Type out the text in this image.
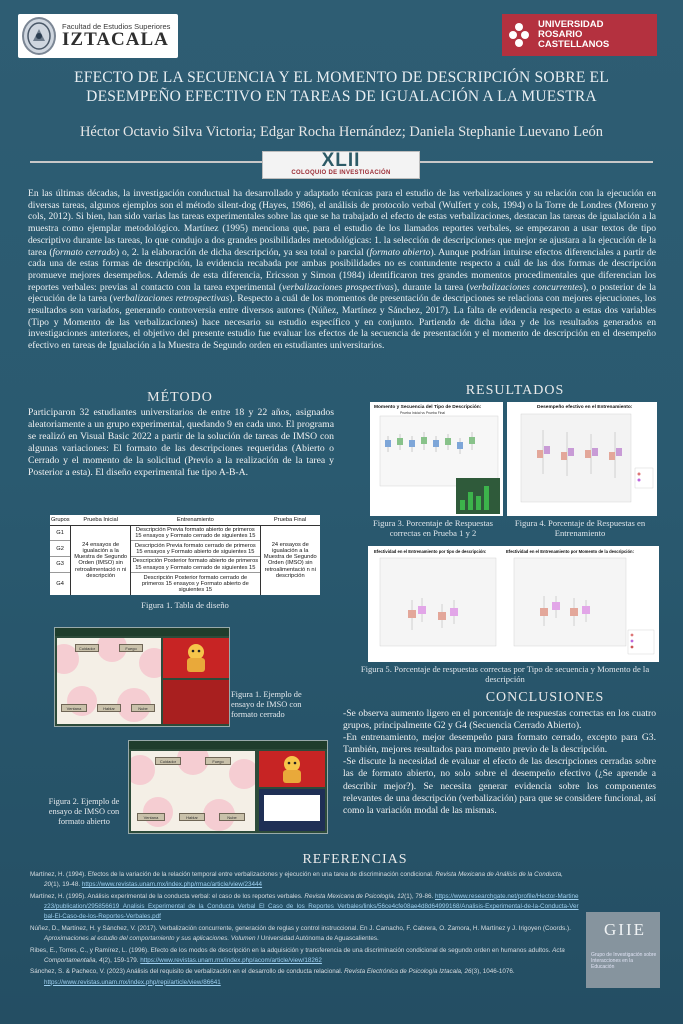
Facultad de Estudios Superiores
IZTACALA
UNIVERSIDAD
ROSARIO CASTELLANOS
EFECTO DE LA SECUENCIA Y EL MOMENTO DE DESCRIPCIÓN SOBRE EL DESEMPEÑO EFECTIVO EN TAREAS DE IGUALACIÓN A LA MUESTRA
Héctor Octavio Silva Victoria; Edgar Rocha Hernández; Daniela Stephanie Luevano León
XLII
COLOQUIO DE INVESTIGACIÓN
En las últimas décadas, la investigación conductual ha desarrollado y adaptado técnicas para el estudio de las verbalizaciones y su relación con la ejecución en diversas tareas, algunos ejemplos son el método silent-dog (Hayes, 1986), el análisis de protocolo verbal (Wulfert y cols, 1994) o la Torre de Londres (Moreno y cols, 2012). Si bien, han sido varias las tareas experimentales sobre las que se ha trabajado el efecto de estas verbalizaciones, destacan las tareas de igualación a la muestra como ejemplar metodológico. Martínez (1995) menciona que, para el estudio de los llamados reportes verbales, se empezaron a usar textos de tipo descriptivo durante las tareas, lo que condujo a dos grandes posibilidades metodológicas: 1. la selección de descripciones que mejor se ajustara a la ejecución de la tarea (formato cerrado) o, 2. la elaboración de dicha descripción, ya sea total o parcial (formato abierto). Aunque podrían intuirse efectos diferenciales a partir de cada una de estas formas de descripción, la evidencia recabada por ambas posibilidades no es contundente respecto a cuál de las dos formas de descripción promueve mejores desempeños. Además de esta diferencia, Ericsson y Simon (1984) identificaron tres grandes momentos procedimentales que diferencian los reportes verbales: previas al contacto con la tarea experimental (verbalizaciones prospectivas), durante la tarea (verbalizaciones concurrentes), o posterior de la ejecución de la tarea (verbalizaciones retrospectivas). Respecto a cuál de los momentos de presentación de descripciones se relaciona con mejores ejecuciones, los resultados son variados, generando controversia entre diversos autores (Núñez, Martínez y Sánchez, 2017). La falta de evidencia respecto a estas dos variables (Tipo y Momento de las verbalizaciones) hace necesario su estudio específico y en conjunto. Partiendo de dicha idea y de los resultados generados en investigaciones anteriores, el objetivo del presente estudio fue evaluar los efectos de la secuencia de presentación y el momento de descripción en el desempeño efectivo en tareas de Igualación a la Muestra de Segundo orden en estudiantes universitarios.
MÉTODO
Participaron 32 estudiantes universitarios de entre 18 y 22 años, asignados aleatoriamente a un grupo experimental, quedando 9 en cada uno. El programa se realizó en Visual Basic 2022 a partir de la solución de tareas de IMSO con algunas variaciones: El formato de las descripciones requeridas (Abierto o Cerrado y el momento de la solicitud (Previo a la realización de la tarea y Posterior a esta). El diseño experimental fue tipo A-B-A.
Grupos	Prueba Inicial	Entrenamiento	Prueba Final
G1	24 ensayos de igualación a la Muestra de Segundo Orden (IMSO) sin retroalimentació n ni descripción	Descripción Previa formato abierto de primeros 15 ensayos y Formato cerrado de siguientes 15	24 ensayos de igualación a la Muestra de Segundo Orden (IMSO) sin retroalimentació n ni descripción
G2		Descripción Previa formato cerrado de primeros 15 ensayos y Formato abierto de siguientes 15	
G3		Descripción Posterior formato abierto de primeros 15 ensayos y Formato cerrado de siguientes 15	
G4		Descripción Posterior formato cerrado de primeros 15 ensayos y Formato abierto de siguientes 15	
Figura 1. Tabla de diseño
Cuidador	Fuego
Ventana	Hablar	Nube
Figura 1. Ejemplo de ensayo de IMSO con formato cerrado
Cuidador	Fuego
Ventana	Hablar	Nube
Figura 2. Ejemplo de ensayo de IMSO con formato abierto
RESULTADOS
Momento y Secuencia del Tipo de Descripción:
Prueba Inicial vs Prueba Final
Figura 3. Porcentaje de Respuestas correctas en Prueba 1 y 2
Desempeño efectivo en el Entrenamiento:
Figura 4. Porcentaje de Respuestas en Entrenamiento
Efectividad en el Entrenamiento por tipo de descripción:	Efectividad en el Entrenamiento por Momento de la descripción:
Figura 5. Porcentaje de respuestas correctas por Tipo de secuencia y Momento de la descripción
CONCLUSIONES

-Se observa aumento ligero en el porcentaje de respuestas correctas en los cuatro grupos, principalmente G2 y G4 (Secuencia Cerrado Abierto).

-En entrenamiento, mejor desempeño para formato cerrado, excepto para G3. También, mejores resultados para momento previo de la descripción.

-Se discute la necesidad de evaluar el efecto de las descripciones cerradas sobre las de formato abierto, no solo sobre el desempeño efectivo (¿Se aprende a describir mejor?). Se necesita generar evidencia sobre los componentes relevantes de una descripción (verbalización) para que se considere funcional, así como la variación modal de las mismas.

REFERENCIAS

Martínez, H. (1994). Efectos de la variación de la relación temporal entre verbalizaciones y ejecución en una tarea de discriminación condicional. Revista Mexicana de Análisis de la Conducta, 20(1), 19-48. https://www.revistas.unam.mx/index.php/rmac/article/view/23444

Martínez, H. (1995). Análisis experimental de la conducta verbal: el caso de los reportes verbales. Revista Mexicana de Psicología, 12(1), 79-86. https://www.researchgate.net/profile/Hector-Martinez23/publication/295856619_Analisis_Experimental_de_la_Conducta_Verbal_El_Caso_de_los_Reportes_Verbales/links/56ce4cfe08ae4d8d64999168/Analisis-Experimental-de-la-Conducta-Verbal-El-Caso-de-los-Reportes-Verbales.pdf

Núñez, D., Martínez, H. y Sánchez, V. (2017). Verbalización concurrente, generación de reglas y control instruccional. En J. Camacho, F. Cabrera, O. Zamora, H. Martínez y J. Irigoyen (Coords.). Aproximaciones al estudio del comportamiento y sus aplicaciones. Volumen I Universidad Autónoma de Aguascalientes.

Ribes, E., Torres, C., y Ramírez, L. (1996). Efecto de los modos de descripción en la adquisición y transferencia de una discriminación condicional de segundo orden en humanos adultos. Acta Comportamentalia, 4(2), 159-179. https://www.revistas.unam.mx/index.php/acom/article/view/18262

Sánchez, S. & Pacheco, V. (2023) Análisis del requisito de verbalización en el desarrollo de conducta relacional. Revista Electrónica de Psicología Iztacala, 26(3), 1046-1076. https://www.revistas.unam.mx/index.php/repi/article/view/86641

GIIE
Grupo de Investigación sobre Interacciones en la Educación
